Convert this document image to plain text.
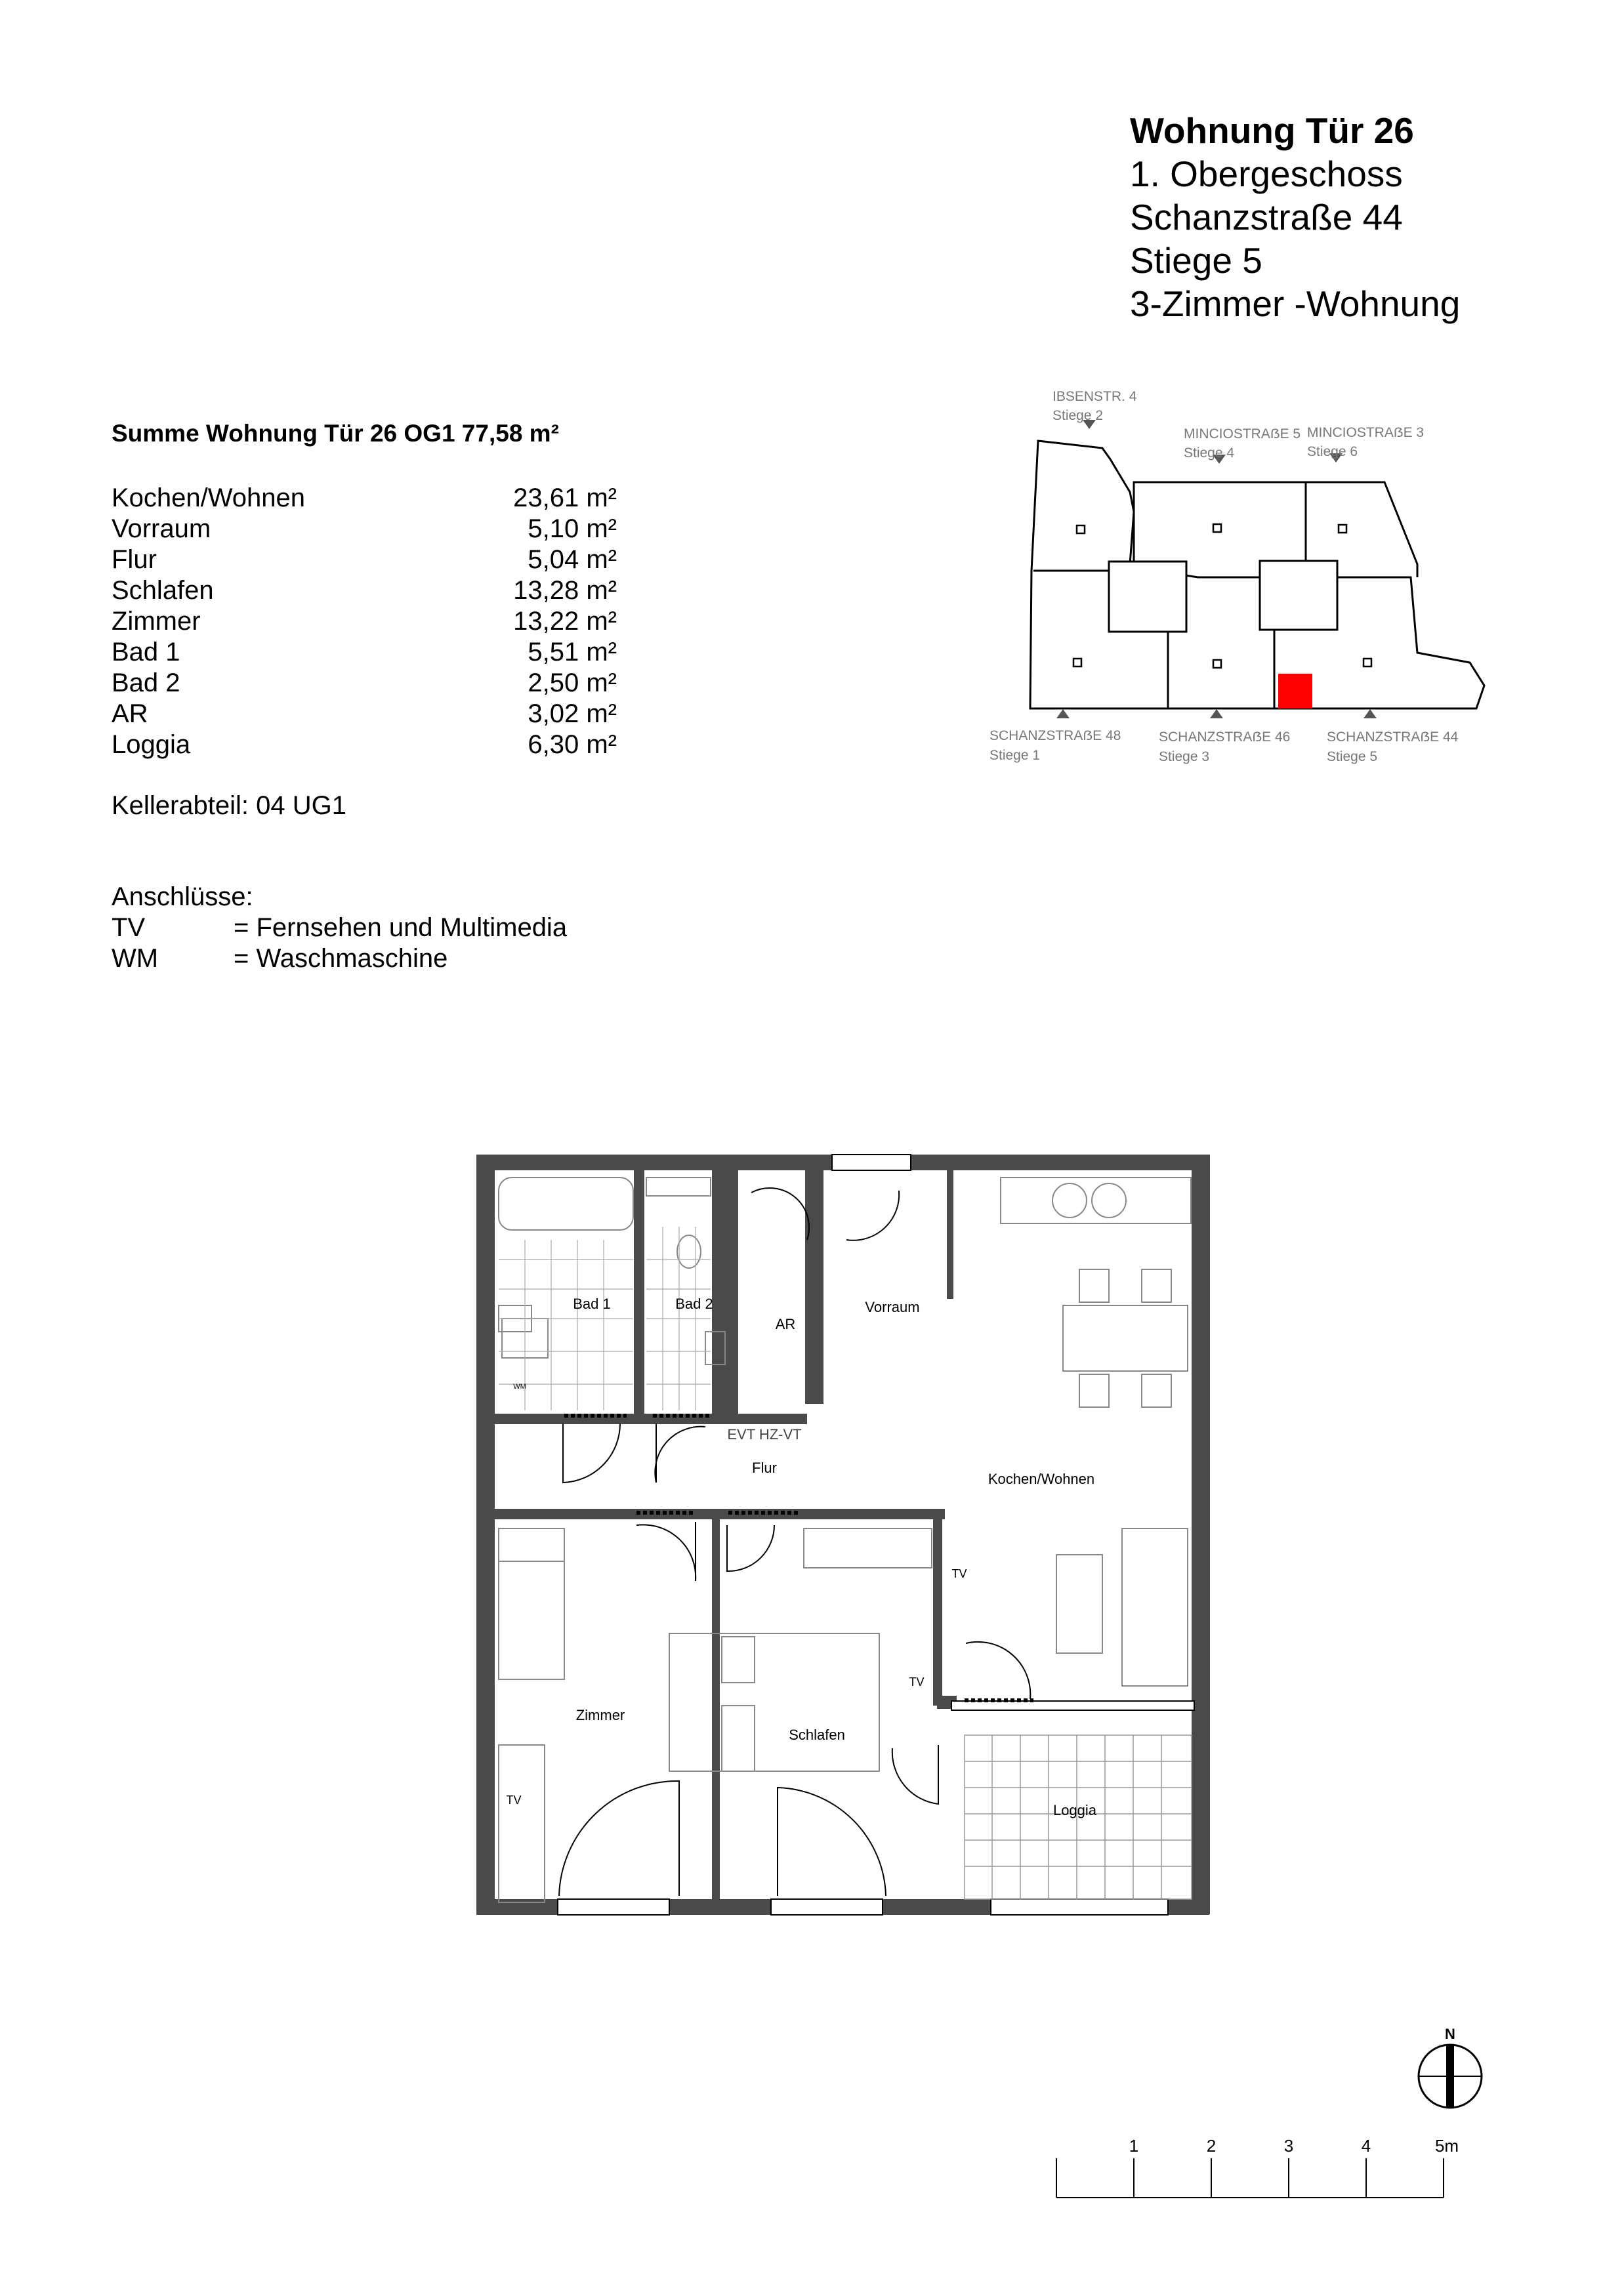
Wohnung Tür 26
1. Obergeschoss
Schanzstraße 44
Stiege 5
3-Zimmer -Wohnung
Summe Wohnung Tür 26 OG1 77,58 m²
Kochen/Wohnen	23,61 m²
Vorraum	5,10 m²
Flur	5,04 m²
Schlafen	13,28 m²
Zimmer	13,22 m²
Bad 1	5,51 m²
Bad 2	2,50 m²
AR	3,02 m²
Loggia	6,30 m²
Kellerabteil: 04 UG1
Anschlüsse:
TV	= Fernsehen und Multimedia
WM	= Waschmaschine
IBSENSTR. 4
Stiege 2
MINCIOSTRAẞE 5
Stiege 4
MINCIOSTRAẞE 3
Stiege 6
SCHANZSTRAẞE 48
Stiege 1
SCHANZSTRAẞE 46
Stiege 3
SCHANZSTRAẞE 44
Stiege 5
Bad 1	Bad 2
AR
Vorraum
Flur
Kochen/Wohnen
Zimmer
Schlafen
Loggia
EVT HZ-VT
WM
TV
TV
TV
N
1	2	3	4	5m
